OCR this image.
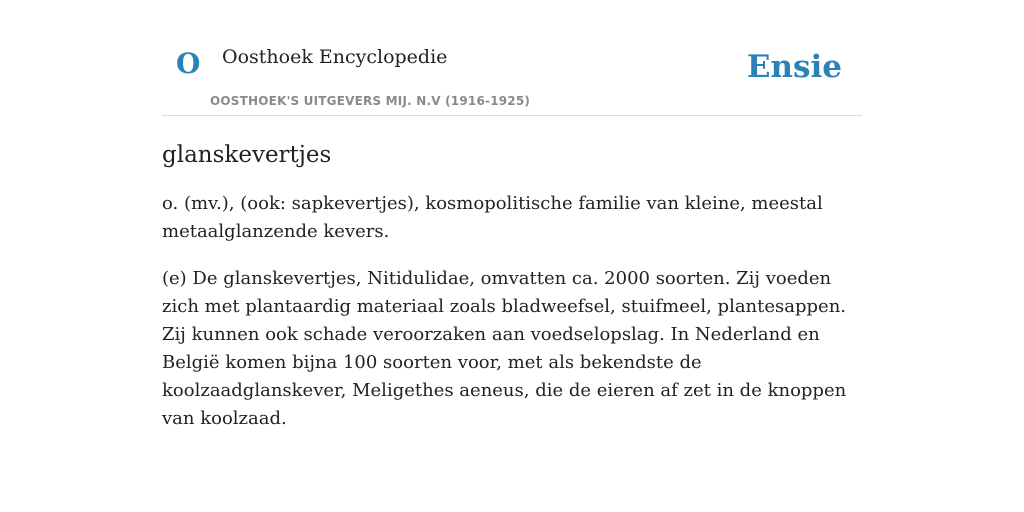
O Oosthoek Encyclopedie
OOSTHOEK'S UITGEVERS MIJ. N.V (1916-1925)
Ensie
glanskevertjes

o. (mv.), (ook: sapkevertjes), kosmopolitische familie van kleine, meestal metaalglanzende kevers.

(e) De glanskevertjes, Nitidulidae, omvatten ca. 2000 soorten. Zij voeden zich met plantaardig materiaal zoals bladweefsel, stuifmeel, plantesappen. Zij kunnen ook schade veroorzaken aan voedselopslag. In Nederland en België komen bijna 100 soorten voor, met als bekendste de koolzaadglanskever, Meligethes aeneus, die de eieren af zet in de knoppen van koolzaad.
